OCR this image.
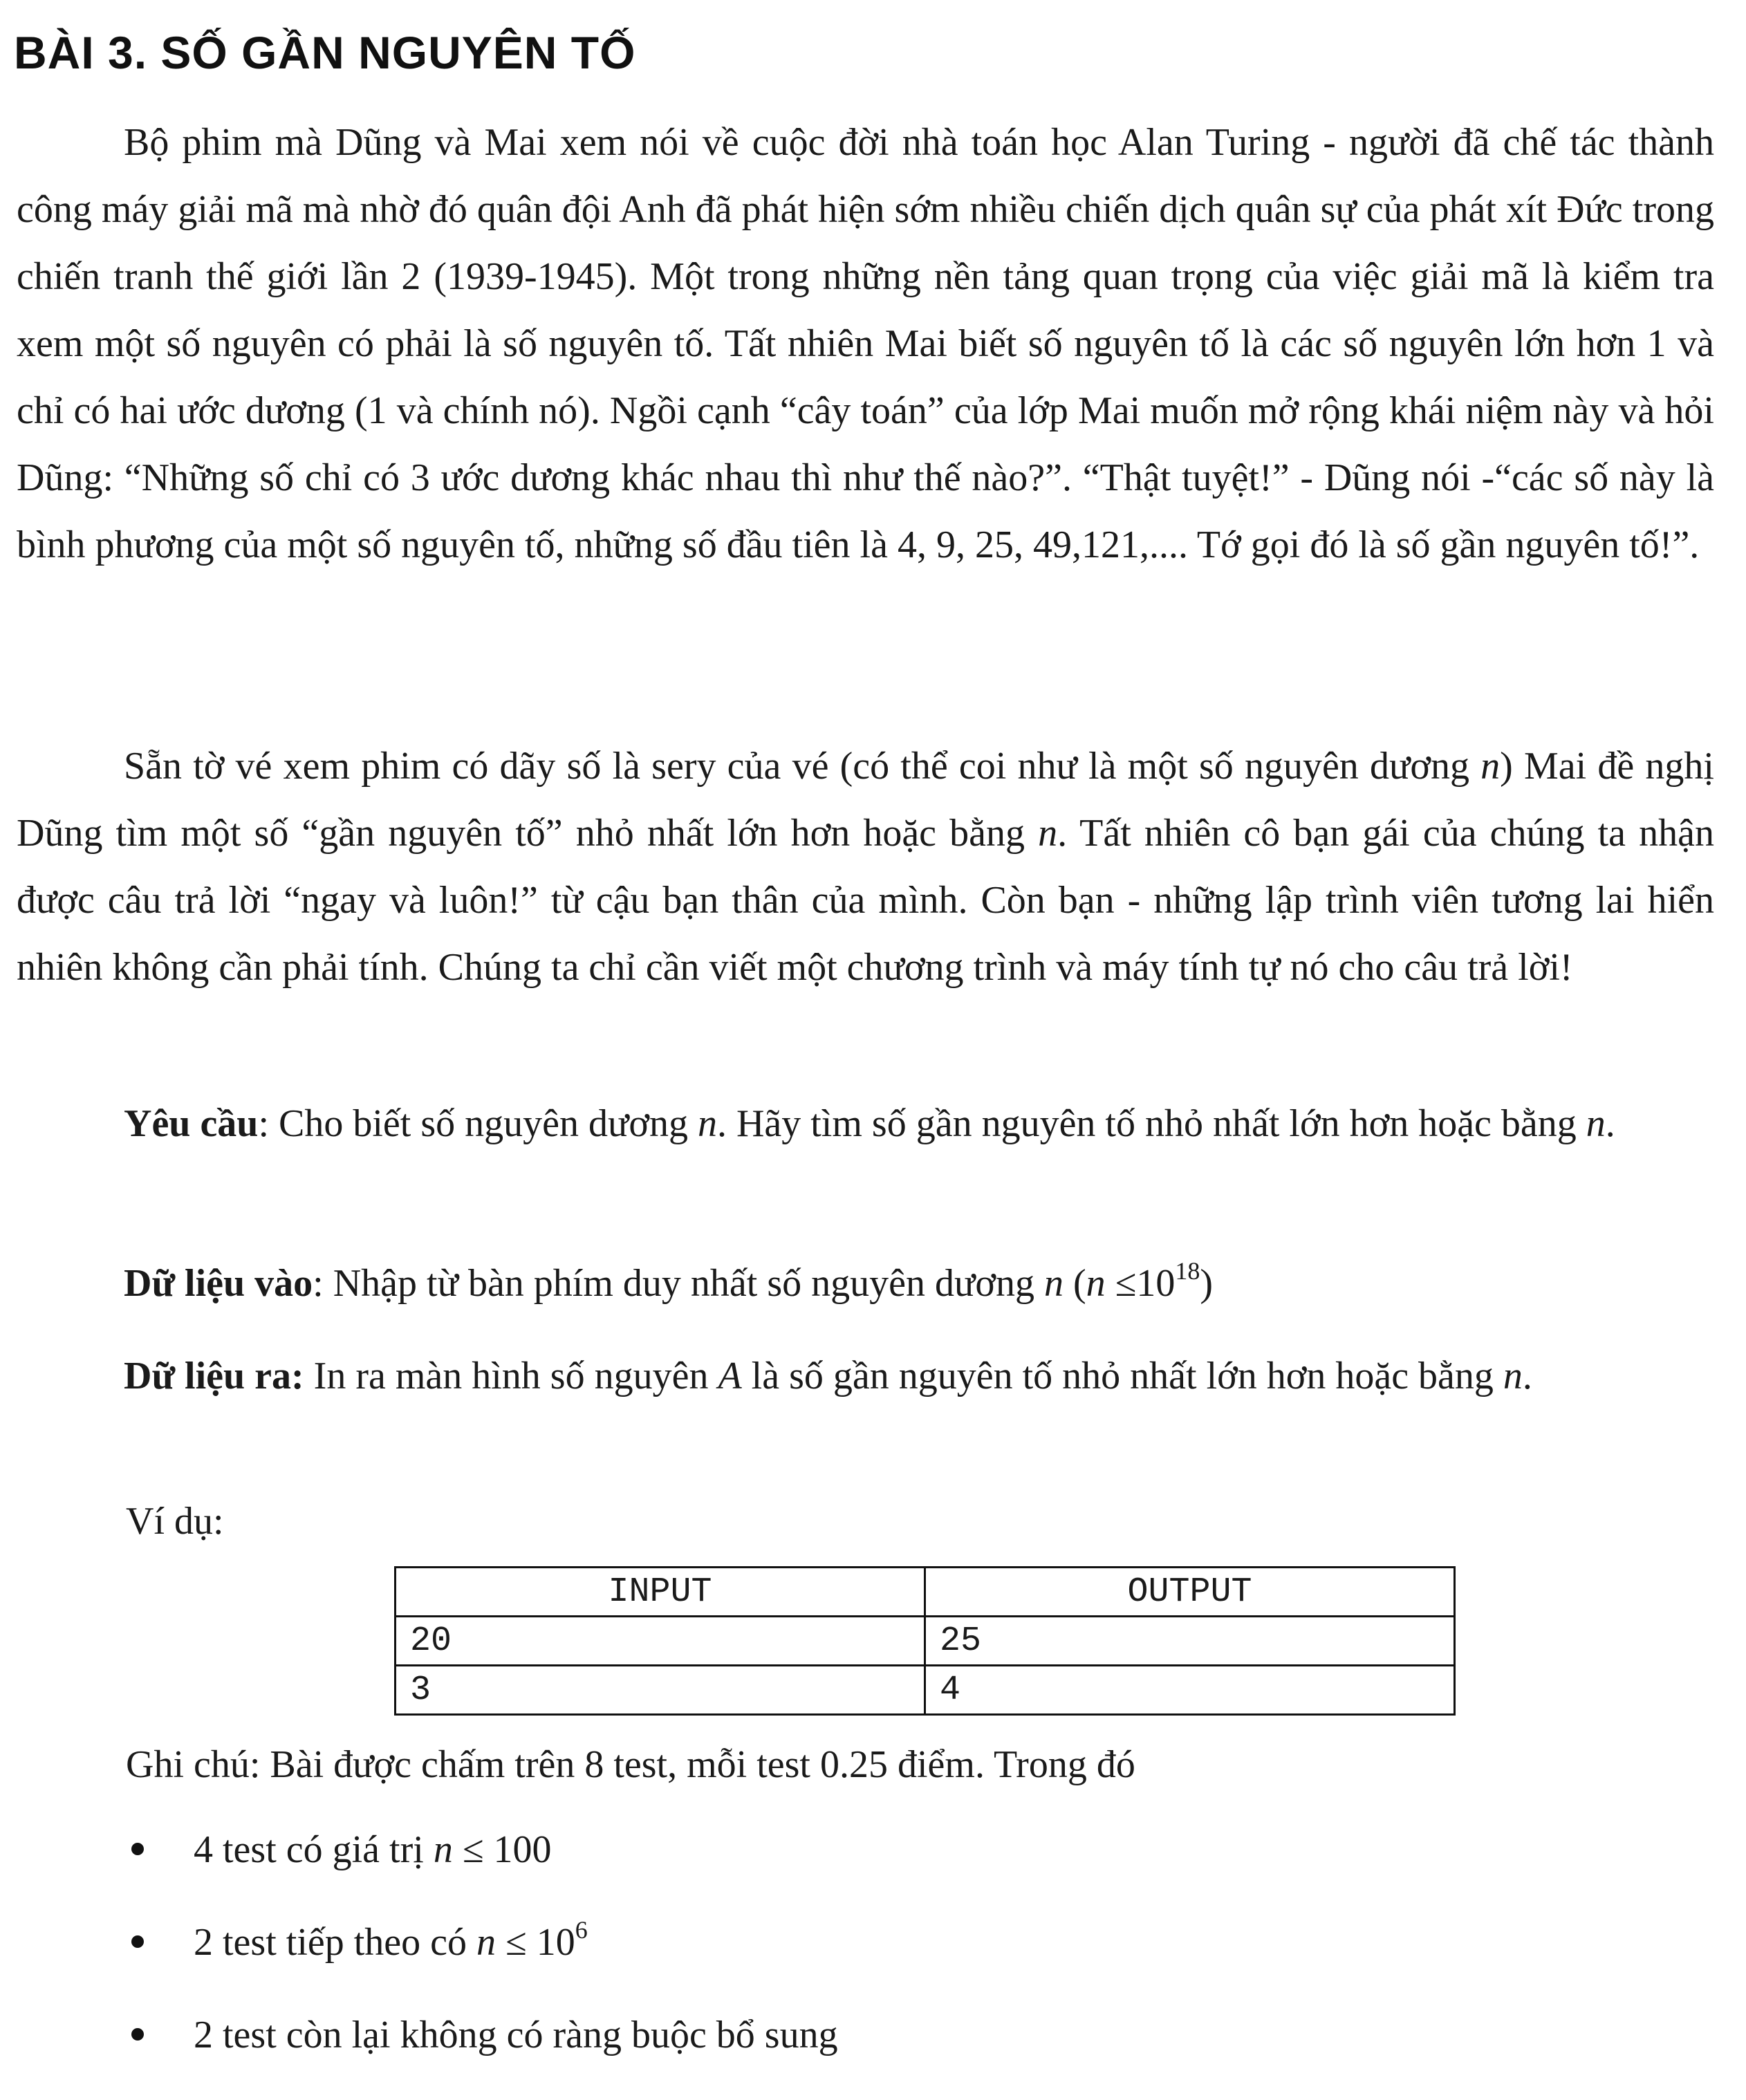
BÀI 3. SỐ GẦN NGUYÊN TỐ

Bộ phim mà Dũng và Mai xem nói về cuộc đời nhà toán học Alan Turing - người đã chế tác thành công máy giải mã mà nhờ đó quân đội Anh đã phát hiện sớm nhiều chiến dịch quân sự của phát xít Đức trong chiến tranh thế giới lần 2 (1939-1945). Một trong những nền tảng quan trọng của việc giải mã là kiểm tra xem một số nguyên có phải là số nguyên tố. Tất nhiên Mai biết số nguyên tố là các số nguyên lớn hơn 1 và chỉ có hai ước dương (1 và chính nó). Ngồi cạnh “cây toán” của lớp Mai muốn mở rộng khái niệm này và hỏi Dũng: “Những số chỉ có 3 ước dương khác nhau thì như thế nào?”. “Thật tuyệt!” - Dũng nói -“các số này là bình phương của một số nguyên tố, những số đầu tiên là 4, 9, 25, 49,121,.... Tớ gọi đó là số gần nguyên tố!”.

Sẵn tờ vé xem phim có dãy số là sery của vé (có thể coi như là một số nguyên dương n) Mai đề nghị Dũng tìm một số “gần nguyên tố” nhỏ nhất lớn hơn hoặc bằng n. Tất nhiên cô bạn gái của chúng ta nhận được câu trả lời “ngay và luôn!” từ cậu bạn thân của mình. Còn bạn - những lập trình viên tương lai hiển nhiên không cần phải tính. Chúng ta chỉ cần viết một chương trình và máy tính tự nó cho câu trả lời!

Yêu cầu: Cho biết số nguyên dương n. Hãy tìm số gần nguyên tố nhỏ nhất lớn hơn hoặc bằng n.

Dữ liệu vào: Nhập từ bàn phím duy nhất số nguyên dương n $(n \le 10^{18})$

Dữ liệu ra: In ra màn hình số nguyên A là số gần nguyên tố nhỏ nhất lớn hơn hoặc bằng n.

Ví dụ:

INPUT	OUTPUT
20	25
3	4

Ghi chú: Bài được chấm trên 8 test, mỗi test 0.25 điểm. Trong đó

4 test có giá trị n ≤ 100
2 test tiếp theo có $n \le 10^6$
2 test còn lại không có ràng buộc bổ sung
